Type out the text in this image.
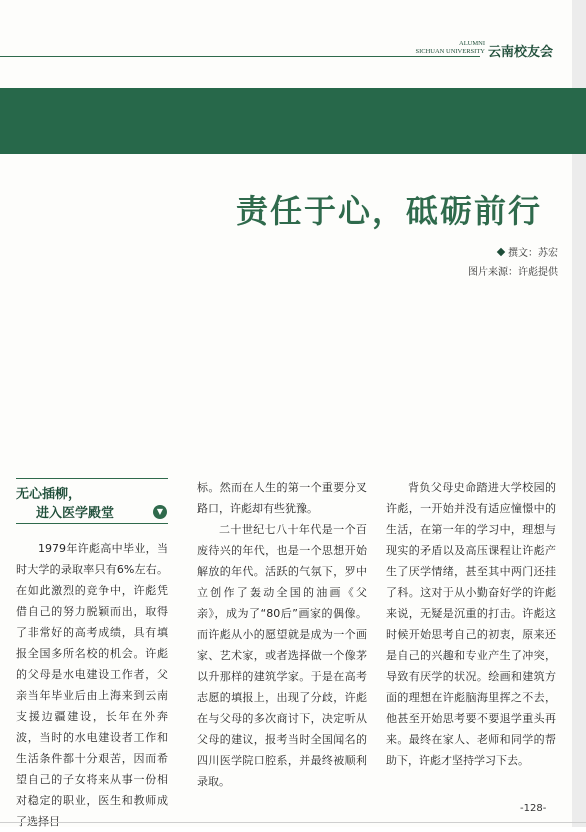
ALUMNI
SICHUAN UNIVERSITY 云南校友会
责任于心，砥砺前行
撰文：苏宏
图片来源：许彪提供
无心插柳，
进入医学殿堂	▼

1979年许彪高中毕业，当时大学的录取率只有6%左右。在如此激烈的竞争中，许彪凭借自己的努力脱颖而出，取得了非常好的高考成绩，具有填报全国多所名校的机会。许彪的父母是水电建设工作者，父亲当年毕业后由上海来到云南支援边疆建设，长年在外奔波，当时的水电建设者工作和生活条件都十分艰苦，因而希望自己的子女将来从事一份相对稳定的职业，医生和教师成了选择目

标。然而在人生的第一个重要分叉路口，许彪却有些犹豫。

二十世纪七八十年代是一个百废待兴的年代，也是一个思想开始解放的年代。活跃的气氛下，罗中立创作了轰动全国的油画《父亲》，成为了“80后”画家的偶像。而许彪从小的愿望就是成为一个画家、艺术家，或者选择做一个像茅以升那样的建筑学家。于是在高考志愿的填报上，出现了分歧，许彪在与父母的多次商讨下，决定听从父母的建议，报考当时全国闻名的四川医学院口腔系，并最终被顺利录取。

背负父母史命踏进大学校园的许彪，一开始并没有适应憧憬中的生活，在第一年的学习中，理想与现实的矛盾以及高压课程让许彪产生了厌学情绪，甚至其中两门还挂了科。这对于从小勤奋好学的许彪来说，无疑是沉重的打击。许彪这时候开始思考自己的初衷，原来还是自己的兴趣和专业产生了冲突，导致有厌学的状况。绘画和建筑方面的理想在许彪脑海里挥之不去，他甚至开始思考要不要退学重头再来。最终在家人、老师和同学的帮助下，许彪才坚持学习下去。

-128-
